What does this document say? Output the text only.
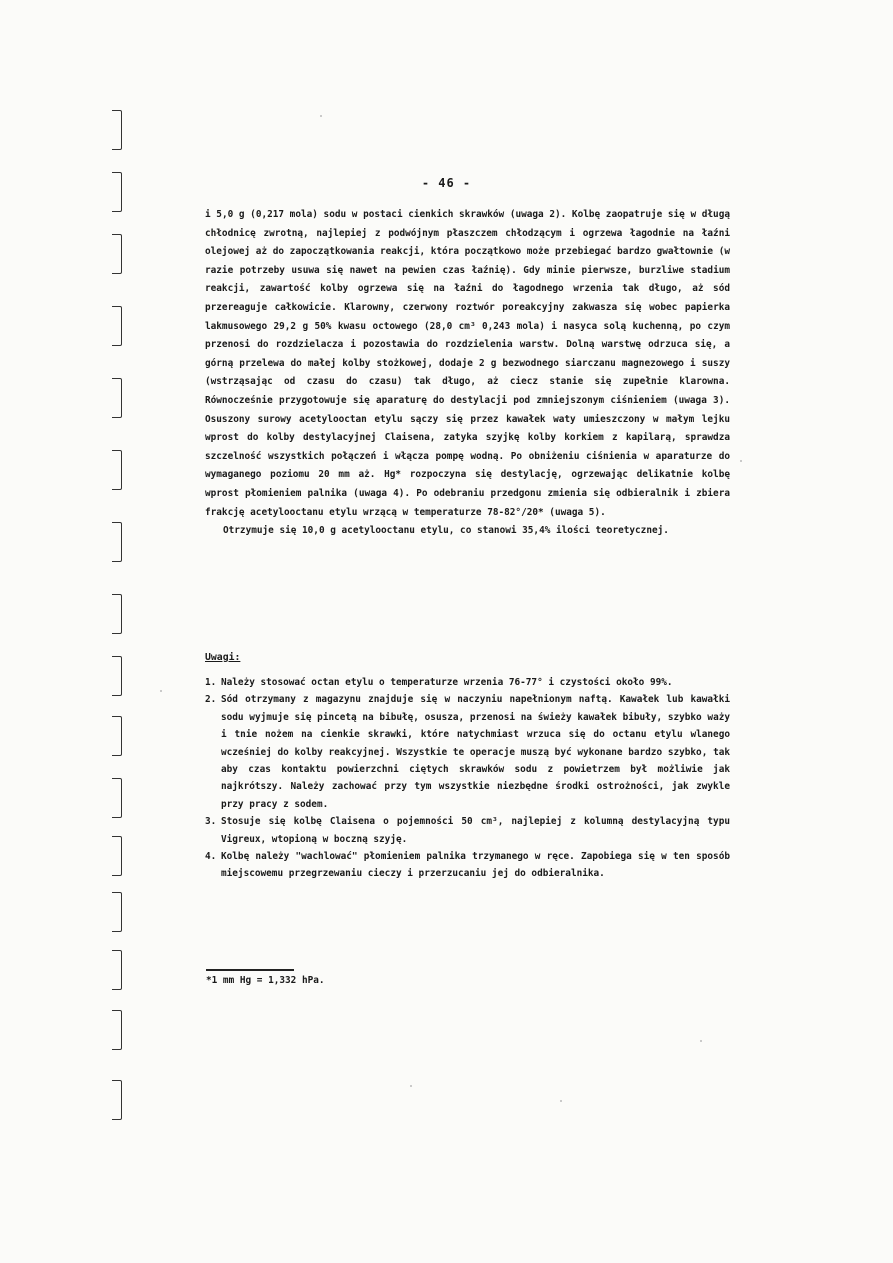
- 46 -

i 5,0 g (0,217 mola) sodu w postaci cienkich skrawków (uwaga 2). Kolbę zaopatruje się w długą chłodnicę zwrotną, najlepiej z podwójnym płaszczem chłodzącym i ogrzewa łagodnie na łaźni olejowej aż do zapoczątkowania reakcji, która początkowo może przebiegać bardzo gwałtownie (w razie potrzeby usuwa się nawet na pewien czas łaźnię). Gdy minie pierwsze, burzliwe stadium reakcji, zawartość kolby ogrzewa się na łaźni do łagodnego wrzenia tak długo, aż sód przereaguje całkowicie. Klarowny, czerwony roztwór poreakcyjny zakwasza się wobec papierka lakmusowego 29,2 g 50% kwasu octowego (28,0 cm³ 0,243 mola) i nasyca solą kuchenną, po czym przenosi do rozdzielacza i pozostawia do rozdzielenia warstw. Dolną warstwę odrzuca się, a górną przelewa do małej kolby stożkowej, dodaje 2 g bezwodnego siarczanu magnezowego i suszy (wstrząsając od czasu do czasu) tak długo, aż ciecz stanie się zupełnie klarowna. Równocześnie przygotowuje się aparaturę do destylacji pod zmniejszonym ciśnieniem (uwaga 3). Osuszony surowy acetylooctan etylu sączy się przez kawałek waty umieszczony w małym lejku wprost do kolby destylacyjnej Claisena, zatyka szyjkę kolby korkiem z kapilarą, sprawdza szczelność wszystkich połączeń i włącza pompę wodną. Po obniżeniu ciśnienia w aparaturze do wymaganego poziomu 20 mm aż. Hg* rozpoczyna się destylację, ogrzewając delikatnie kolbę wprost płomieniem palnika (uwaga 4). Po odebraniu przedgonu zmienia się odbieralnik i zbiera frakcję acetylooctanu etylu wrzącą w temperaturze 78-82°/20* (uwaga 5).

Otrzymuje się 10,0 g acetylooctanu etylu, co stanowi 35,4% ilości teoretycznej.

Uwagi:
1. Należy stosować octan etylu o temperaturze wrzenia 76-77° i czystości około 99%.
2. Sód otrzymany z magazynu znajduje się w naczyniu napełnionym naftą. Kawałek lub kawałki sodu wyjmuje się pincetą na bibułę, osusza, przenosi na świeży kawałek bibuły, szybko waży i tnie nożem na cienkie skrawki, które natychmiast wrzuca się do octanu etylu wlanego wcześniej do kolby reakcyjnej. Wszystkie te operacje muszą być wykonane bardzo szybko, tak aby czas kontaktu powierzchni ciętych skrawków sodu z powietrzem był możliwie jak najkrótszy. Należy zachować przy tym wszystkie niezbędne środki ostrożności, jak zwykle przy pracy z sodem.
3. Stosuje się kolbę Claisena o pojemności 50 cm³, najlepiej z kolumną destylacyjną typu Vigreux, wtopioną w boczną szyję.
4. Kolbę należy "wachlować" płomieniem palnika trzymanego w ręce. Zapobiega się w ten sposób miejscowemu przegrzewaniu cieczy i przerzucaniu jej do odbieralnika.
*1 mm Hg = 1,332 hPa.
